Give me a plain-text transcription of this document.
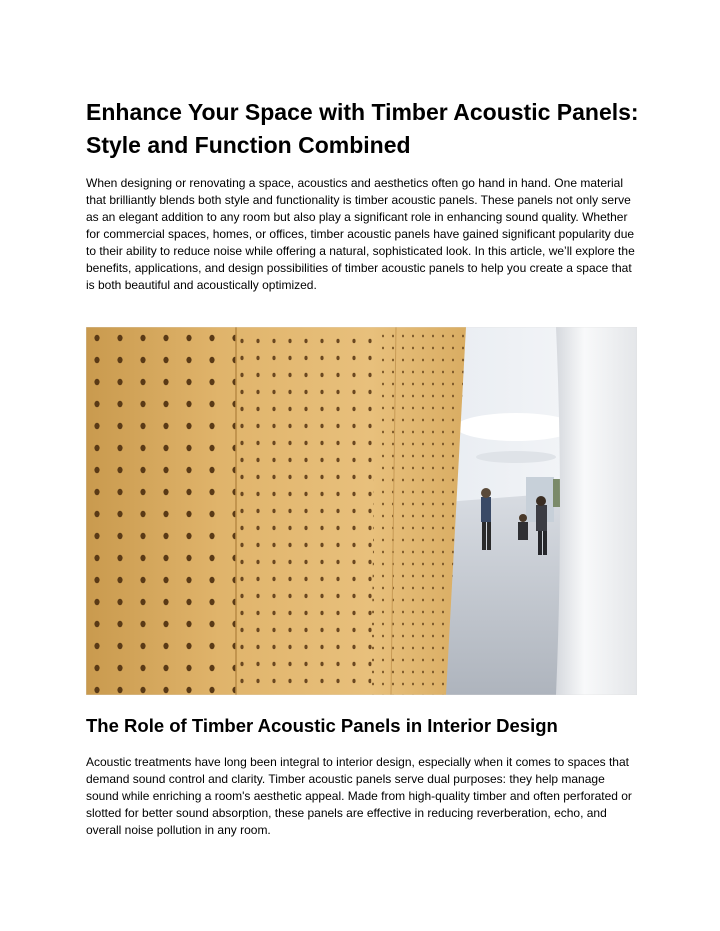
Enhance Your Space with Timber Acoustic Panels: Style and Function Combined

When designing or renovating a space, acoustics and aesthetics often go hand in hand. One material that brilliantly blends both style and functionality is timber acoustic panels. These panels not only serve as an elegant addition to any room but also play a significant role in enhancing sound quality. Whether for commercial spaces, homes, or offices, timber acoustic panels have gained significant popularity due to their ability to reduce noise while offering a natural, sophisticated look. In this article, we’ll explore the benefits, applications, and design possibilities of timber acoustic panels to help you create a space that is both beautiful and acoustically optimized.

The Role of Timber Acoustic Panels in Interior Design

Acoustic treatments have long been integral to interior design, especially when it comes to spaces that demand sound control and clarity. Timber acoustic panels serve dual purposes: they help manage sound while enriching a room's aesthetic appeal. Made from high-quality timber and often perforated or slotted for better sound absorption, these panels are effective in reducing reverberation, echo, and overall noise pollution in any room.
